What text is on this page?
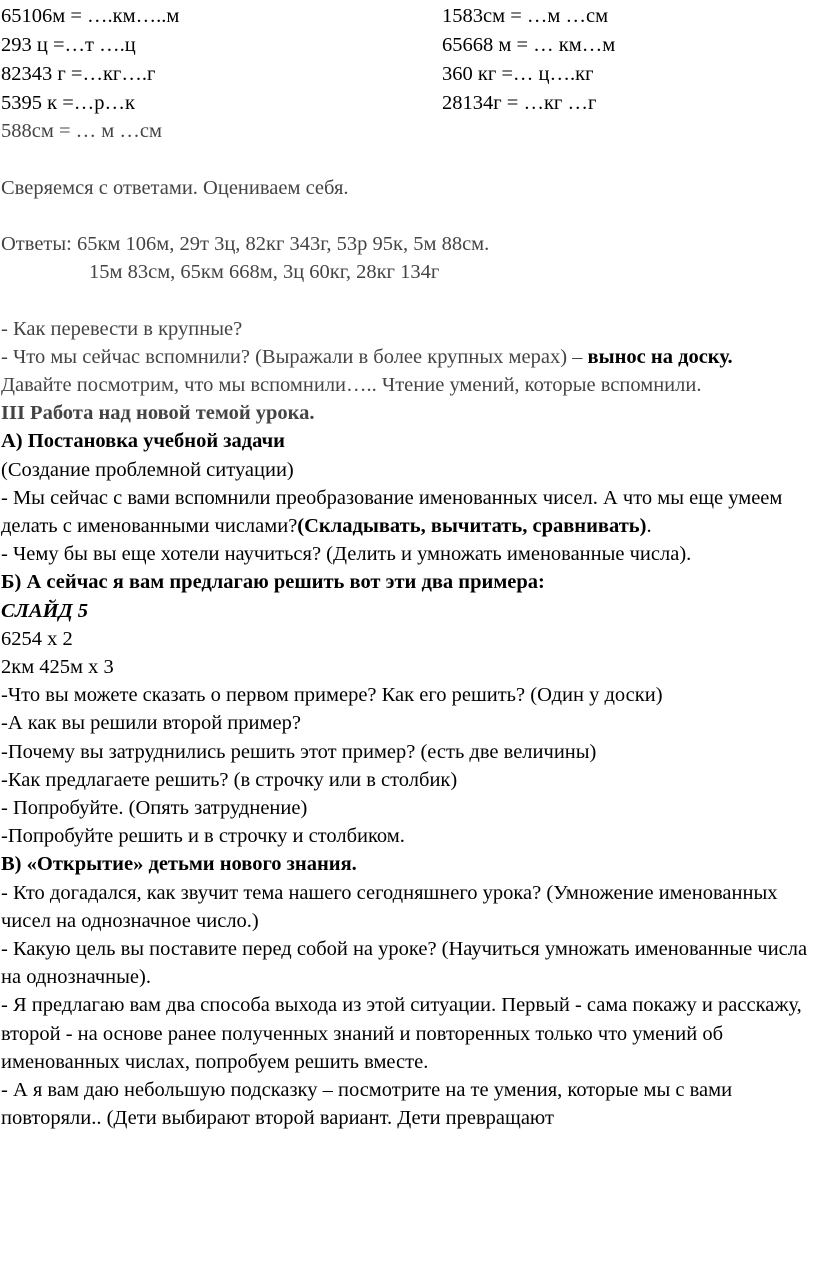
65106м = ….км…..м
293 ц =…т ….ц
82343 г =…кг….г
5395 к =…р…к
588см = … м …см
1583см = …м …см
65668 м = … км…м
360 кг =… ц….кг
28134г = …кг …г

Сверяемся с ответами. Оцениваем себя.

Ответы: 65км 106м, 29т 3ц, 82кг 343г, 53р 95к, 5м 88см.

15м 83см, 65км 668м, 3ц 60кг, 28кг 134г

- Как перевести в крупные?

- Что мы сейчас вспомнили? (Выражали в более крупных мерах) – вынос на доску.

Давайте посмотрим, что мы вспомнили….. Чтение умений, которые вспомнили.

III Работа над новой темой урока.

А) Постановка учебной задачи

(Создание проблемной ситуации)

- Мы сейчас с вами вспомнили преобразование именованных чисел. А что мы еще умеем делать с именованными числами?(Складывать, вычитать, сравнивать).

- Чему бы вы еще хотели научиться? (Делить и умножать именованные числа).

Б) А сейчас я вам предлагаю решить вот эти два примера:

СЛАЙД 5

6254 х 2

2км 425м х 3

-Что вы можете сказать о первом примере? Как его решить? (Один у доски)

-А как вы решили второй пример?

-Почему вы затруднились решить этот пример? (есть две величины)

-Как предлагаете решить? (в строчку или в столбик)

- Попробуйте. (Опять затруднение)

-Попробуйте решить и в строчку и столбиком.

В) «Открытие» детьми нового знания.

- Кто догадался, как звучит тема нашего сегодняшнего урока? (Умножение именованных чисел на однозначное число.)

- Какую цель вы поставите перед собой на уроке? (Научиться умножать именованные числа на однозначные).

- Я предлагаю вам два способа выхода из этой ситуации. Первый - сама покажу и расскажу, второй - на основе ранее полученных знаний и повторенных только что умений об именованных числах, попробуем решить вместе.

- А я вам даю небольшую подсказку – посмотрите на те умения, которые мы с вами повторяли.. (Дети выбирают второй вариант. Дети превращают
